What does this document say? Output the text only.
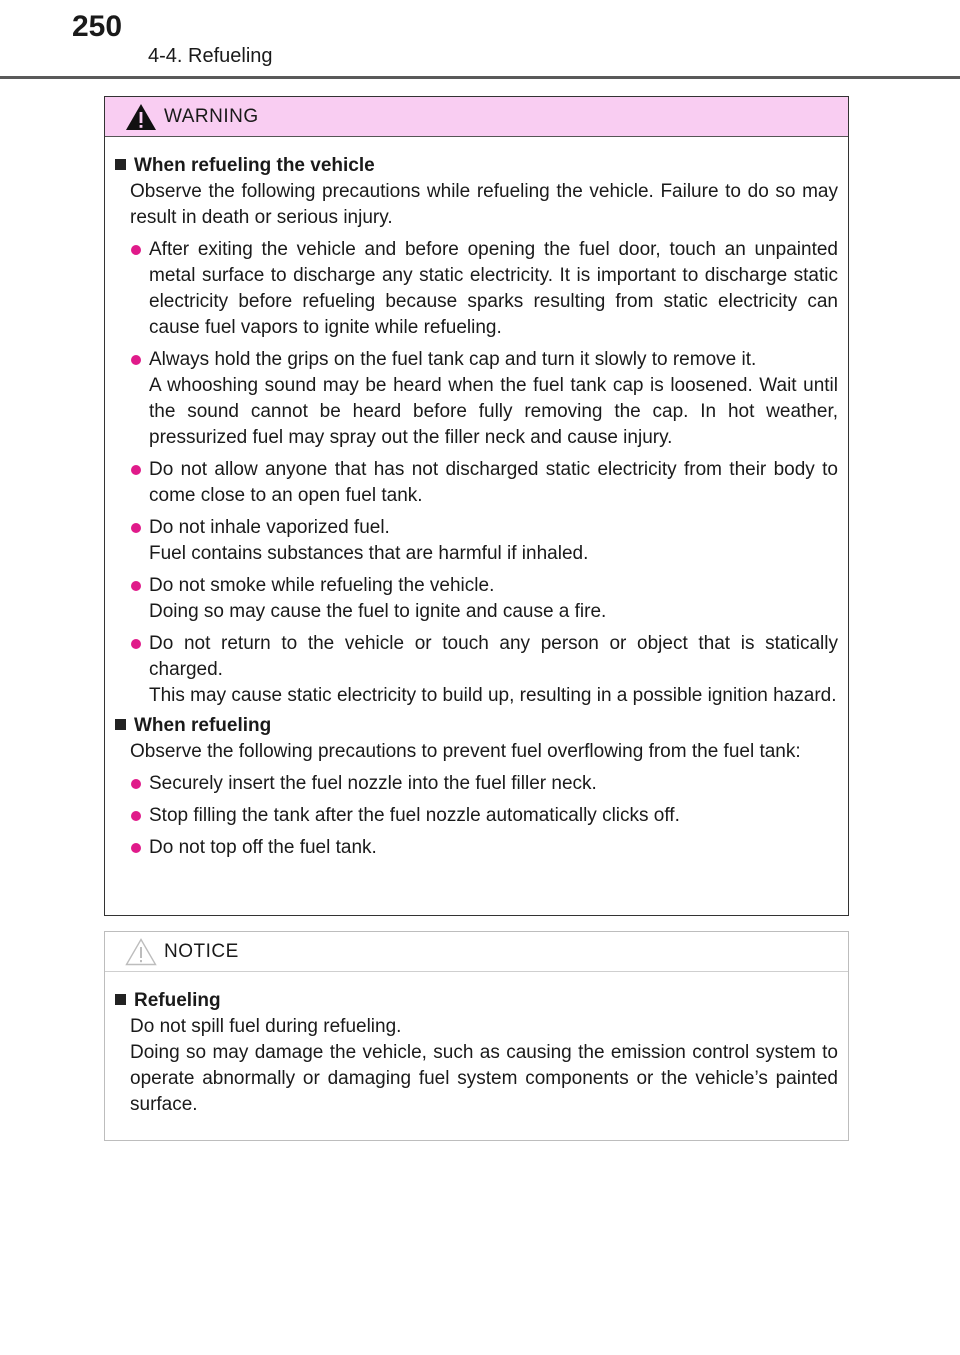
250
4-4. Refueling
WARNING
When refueling the vehicle
Observe the following precautions while refueling the vehicle. Failure to do so may result in death or serious injury.
After exiting the vehicle and before opening the fuel door, touch an unpainted metal surface to discharge any static electricity. It is important to discharge static electricity before refueling because sparks resulting from static electricity can cause fuel vapors to ignite while refueling.
Always hold the grips on the fuel tank cap and turn it slowly to remove it.
A whooshing sound may be heard when the fuel tank cap is loosened. Wait until the sound cannot be heard before fully removing the cap. In hot weather, pressurized fuel may spray out the filler neck and cause injury.
Do not allow anyone that has not discharged static electricity from their body to come close to an open fuel tank.
Do not inhale vaporized fuel.
Fuel contains substances that are harmful if inhaled.
Do not smoke while refueling the vehicle.
Doing so may cause the fuel to ignite and cause a fire.
Do not return to the vehicle or touch any person or object that is statically charged.
This may cause static electricity to build up, resulting in a possible ignition hazard.
When refueling
Observe the following precautions to prevent fuel overflowing from the fuel tank:
Securely insert the fuel nozzle into the fuel filler neck.
Stop filling the tank after the fuel nozzle automatically clicks off.
Do not top off the fuel tank.
NOTICE
Refueling
Do not spill fuel during refueling.
Doing so may damage the vehicle, such as causing the emission control system to operate abnormally or damaging fuel system components or the vehicle’s painted surface.
